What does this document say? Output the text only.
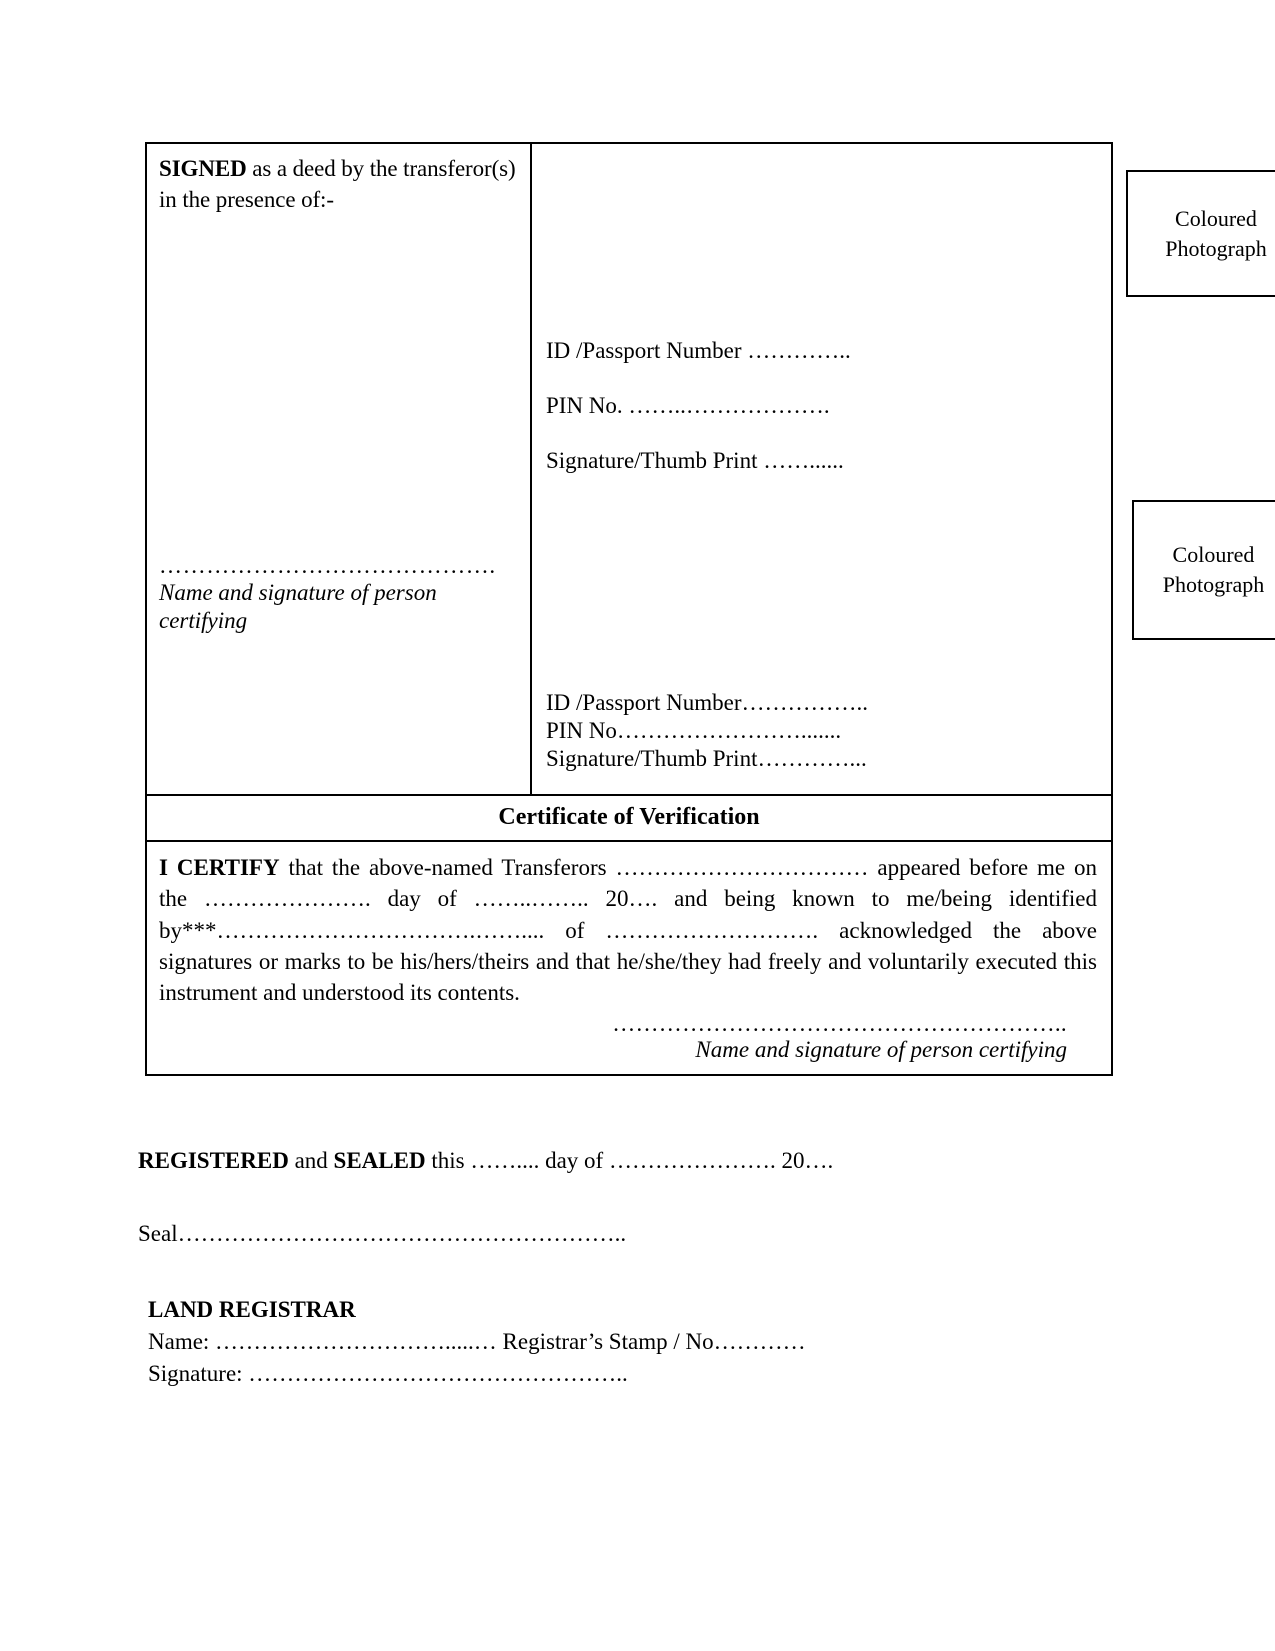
SIGNED as a deed by the transferor(s) in the presence of:-
…………………………………….
Name and signature of person certifying
Coloured
Photograph
ID /Passport Number …………..
PIN No. ……..……………….
Signature/Thumb Print ……......
Coloured
Photograph
ID /Passport Number……………..
PIN No…………………….......
Signature/Thumb Print…………...
Certificate of Verification
I CERTIFY that the above-named Transferors …………………………… appeared before me on the …………………. day of ……..…….. 20…. and being known to me/being identified by***…………………………….…….... of ………………………. acknowledged the above signatures or marks to be his/hers/theirs and that he/she/they had freely and voluntarily executed this instrument and understood its contents.
…………………………………………………..
Name and signature of person certifying
REGISTERED and SEALED this …….... day of …………………. 20….
Seal…………………………………………………..
LAND REGISTRAR
Name: ………………………….....… Registrar’s Stamp / No…………
Signature: …………………………………………..
